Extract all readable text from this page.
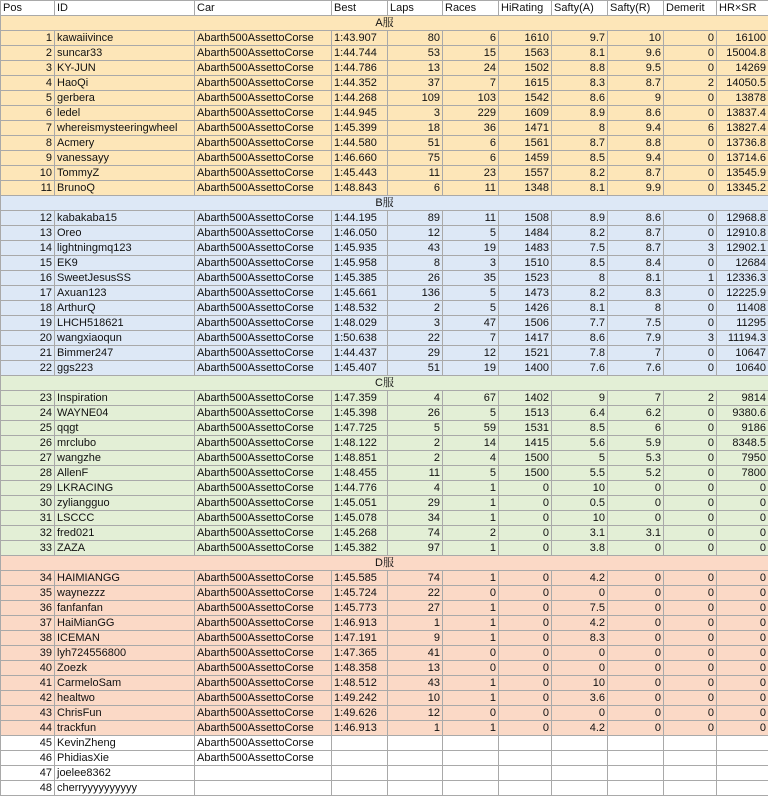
Pos	ID	Car	Best	Laps	Races	HiRating	Safty(A)	Safty(R)	Demerit	HR×SR
A服										
1	kawaiivince	Abarth500AssettoCorse	1:43.907	80	6	1610	9.7	10	0	16100
2	suncar33	Abarth500AssettoCorse	1:44.744	53	15	1563	8.1	9.6	0	15004.8
3	KY-JUN	Abarth500AssettoCorse	1:44.786	13	24	1502	8.8	9.5	0	14269
4	HaoQi	Abarth500AssettoCorse	1:44.352	37	7	1615	8.3	8.7	2	14050.5
5	gerbera	Abarth500AssettoCorse	1:44.268	109	103	1542	8.6	9	0	13878
6	ledel	Abarth500AssettoCorse	1:44.945	3	229	1609	8.9	8.6	0	13837.4
7	whereismysteeringwheel	Abarth500AssettoCorse	1:45.399	18	36	1471	8	9.4	6	13827.4
8	Acmery	Abarth500AssettoCorse	1:44.580	51	6	1561	8.7	8.8	0	13736.8
9	vanessayy	Abarth500AssettoCorse	1:46.660	75	6	1459	8.5	9.4	0	13714.6
10	TommyZ	Abarth500AssettoCorse	1:45.443	11	23	1557	8.2	8.7	0	13545.9
11	BrunoQ	Abarth500AssettoCorse	1:48.843	6	11	1348	8.1	9.9	0	13345.2
B服										
12	kabakaba15	Abarth500AssettoCorse	1:44.195	89	11	1508	8.9	8.6	0	12968.8
13	Oreo	Abarth500AssettoCorse	1:46.050	12	5	1484	8.2	8.7	0	12910.8
14	lightningmq123	Abarth500AssettoCorse	1:45.935	43	19	1483	7.5	8.7	3	12902.1
15	EK9	Abarth500AssettoCorse	1:45.958	8	3	1510	8.5	8.4	0	12684
16	SweetJesusSS	Abarth500AssettoCorse	1:45.385	26	35	1523	8	8.1	1	12336.3
17	Axuan123	Abarth500AssettoCorse	1:45.661	136	5	1473	8.2	8.3	0	12225.9
18	ArthurQ	Abarth500AssettoCorse	1:48.532	2	5	1426	8.1	8	0	11408
19	LHCH518621	Abarth500AssettoCorse	1:48.029	3	47	1506	7.7	7.5	0	11295
20	wangxiaoqun	Abarth500AssettoCorse	1:50.638	22	7	1417	8.6	7.9	3	11194.3
21	Bimmer247	Abarth500AssettoCorse	1:44.437	29	12	1521	7.8	7	0	10647
22	ggs223	Abarth500AssettoCorse	1:45.407	51	19	1400	7.6	7.6	0	10640
C服										
23	Inspiration	Abarth500AssettoCorse	1:47.359	4	67	1402	9	7	2	9814
24	WAYNE04	Abarth500AssettoCorse	1:45.398	26	5	1513	6.4	6.2	0	9380.6
25	qqgt	Abarth500AssettoCorse	1:47.725	5	59	1531	8.5	6	0	9186
26	mrclubo	Abarth500AssettoCorse	1:48.122	2	14	1415	5.6	5.9	0	8348.5
27	wangzhe	Abarth500AssettoCorse	1:48.851	2	4	1500	5	5.3	0	7950
28	AllenF	Abarth500AssettoCorse	1:48.455	11	5	1500	5.5	5.2	0	7800
29	LKRACING	Abarth500AssettoCorse	1:44.776	4	1	0	10	0	0	0
30	zyliangguo	Abarth500AssettoCorse	1:45.051	29	1	0	0.5	0	0	0
31	LSCCC	Abarth500AssettoCorse	1:45.078	34	1	0	10	0	0	0
32	fred021	Abarth500AssettoCorse	1:45.268	74	2	0	3.1	3.1	0	0
33	ZAZA	Abarth500AssettoCorse	1:45.382	97	1	0	3.8	0	0	0
D服										
34	HAIMIANGG	Abarth500AssettoCorse	1:45.585	74	1	0	4.2	0	0	0
35	waynezzz	Abarth500AssettoCorse	1:45.724	22	0	0	0	0	0	0
36	fanfanfan	Abarth500AssettoCorse	1:45.773	27	1	0	7.5	0	0	0
37	HaiMianGG	Abarth500AssettoCorse	1:46.913	1	1	0	4.2	0	0	0
38	ICEMAN	Abarth500AssettoCorse	1:47.191	9	1	0	8.3	0	0	0
39	lyh724556800	Abarth500AssettoCorse	1:47.365	41	0	0	0	0	0	0
40	Zoezk	Abarth500AssettoCorse	1:48.358	13	0	0	0	0	0	0
41	CarmeloSam	Abarth500AssettoCorse	1:48.512	43	1	0	10	0	0	0
42	healtwo	Abarth500AssettoCorse	1:49.242	10	1	0	3.6	0	0	0
43	ChrisFun	Abarth500AssettoCorse	1:49.626	12	0	0	0	0	0	0
44	trackfun	Abarth500AssettoCorse	1:46.913	1	1	0	4.2	0	0	0
45	KevinZheng	Abarth500AssettoCorse								
46	PhidiasXie	Abarth500AssettoCorse								
47	joelee8362									
48	cherryyyyyyyyyy									
